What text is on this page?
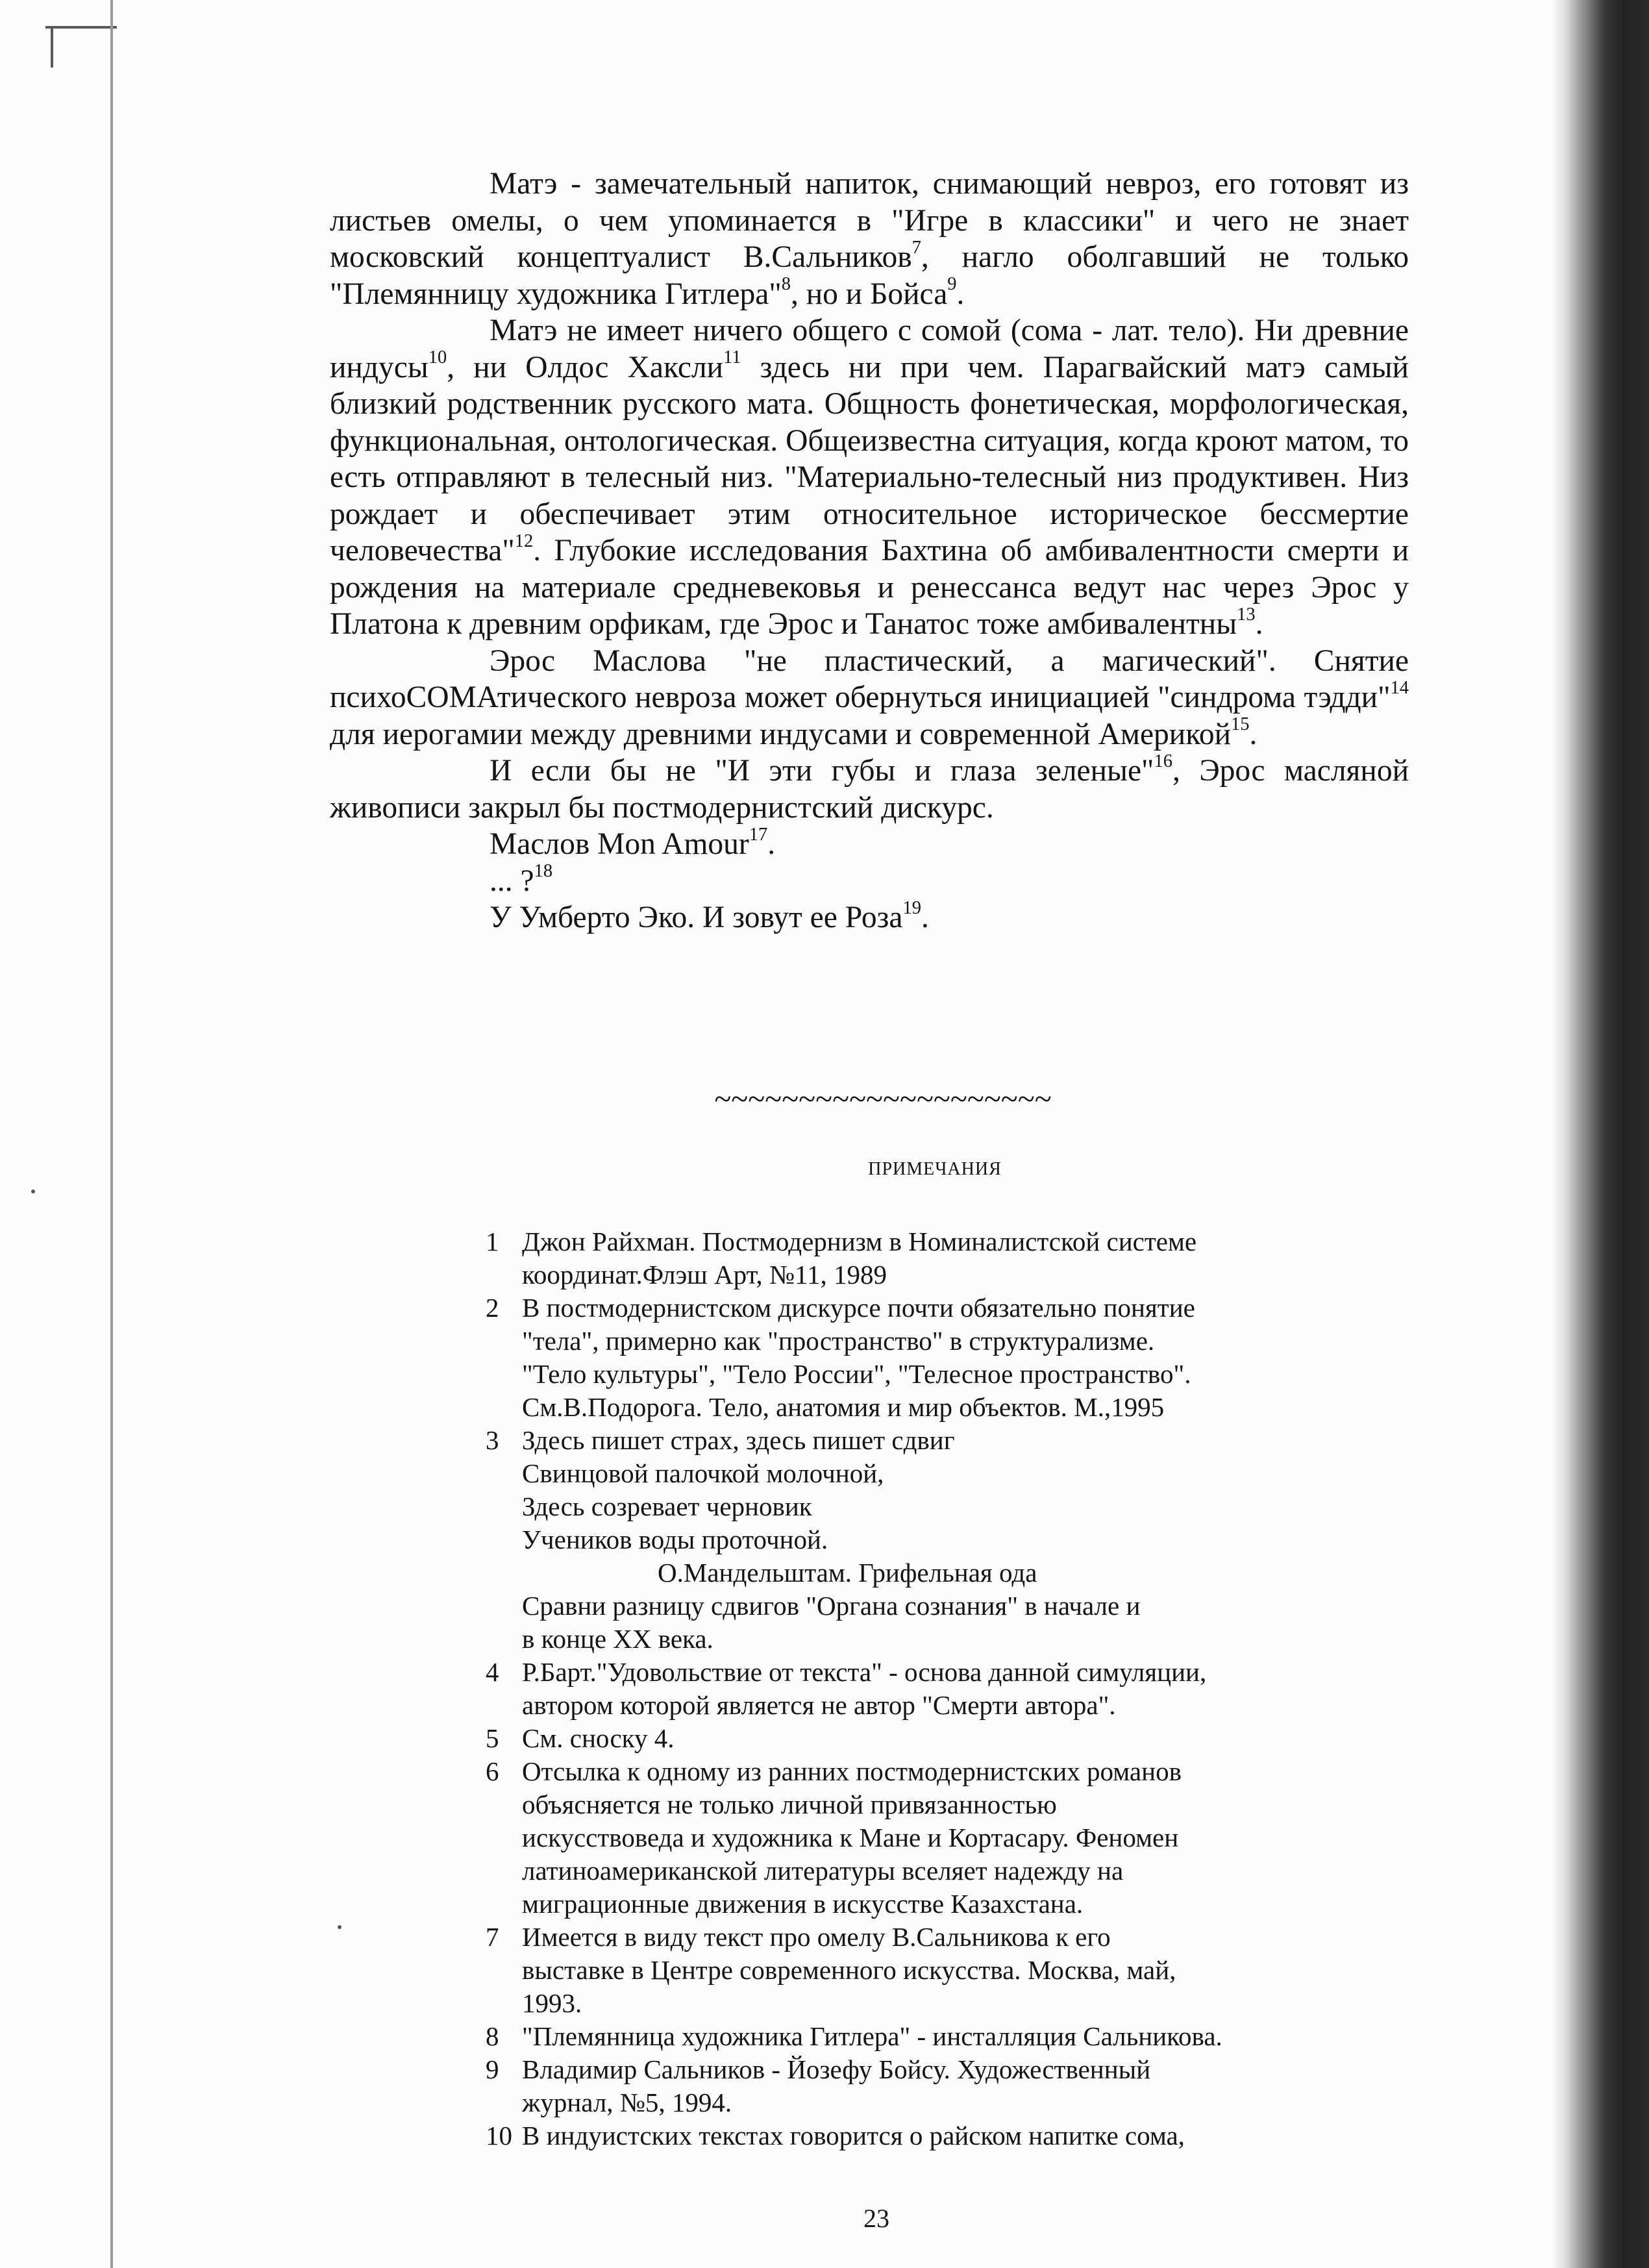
Матэ - замечательный напиток, снимающий невроз, его готовят из листьев омелы, о чем упоминается в "Игре в классики" и чего не знает московский концептуалист В.Сальников$^7$, нагло оболгавший не только "Племянницу художника Гитлера"$^8$, но и Бойса$^9$.

Матэ не имеет ничего общего с сомой (сома - лат. тело). Ни древние индусы$^{10}$, ни Олдос Хаксли$^{11}$ здесь ни при чем. Парагвайский матэ самый близкий родственник русского мата. Общность фонетическая, морфологическая, функциональная, онтологическая. Общеизвестна ситуация, когда кроют матом, то есть отправляют в телесный низ. "Материально-телесный низ продуктивен. Низ рождает и обеспечивает этим относительное историческое бессмертие человечества"$^{12}$. Глубокие исследования Бахтина об амбивалентности смерти и рождения на материале средневековья и ренессанса ведут нас через Эрос у Платона к древним орфикам, где Эрос и Танатос тоже амбивалентны$^{13}$.

Эрос Маслова "не пластический, а магический". Снятие психоСОМАтического невроза может обернуться инициацией "синдрома тэдди"$^{14}$ для иерогамии между древними индусами и современной Америкой$^{15}$.

И если бы не "И эти губы и глаза зеленые"$^{16}$, Эрос масляной живописи закрыл бы постмодернистский дискурс.

Маслов Mon Amour$^{17}$.

... ?$^{18}$

У Умберто Эко. И зовут ее Роза$^{19}$.

~~~~~~~~~~~~~~~~~~~~
ПРИМЕЧАНИЯ
1 Джон Райхман. Постмодернизм в Номиналистской системе
координат.Флэш Арт, №11, 1989
2 В постмодернистском дискурсе почти обязательно понятие
"тела", примерно как "пространство" в структурализме.
"Тело культуры", "Тело России", "Телесное пространство".
См.В.Подорога. Тело, анатомия и мир объектов. М.,1995
3 Здесь пишет страх, здесь пишет сдвиг
Свинцовой палочкой молочной,
Здесь созревает черновик
Учеников воды проточной.
О.Мандельштам. Грифельная ода
Сравни разницу сдвигов "Органа сознания" в начале и
в конце XX века.
4 Р.Барт."Удовольствие от текста" - основа данной симуляции,
автором которой является не автор "Смерти автора".
5 См. сноску 4.
6 Отсылка к одному из ранних постмодернистских романов
объясняется не только личной привязанностью
искусствоведа и художника к Мане и Кортасару. Феномен
латиноамериканской литературы вселяет надежду на
миграционные движения в искусстве Казахстана.
7 Имеется в виду текст про омелу В.Сальникова к его
выставке в Центре современного искусства. Москва, май,
1993.
8 "Племянница художника Гитлера" - инсталляция Сальникова.
9 Владимир Сальников - Йозефу Бойсу. Художественный
журнал, №5, 1994.
10 В индуистских текстах говорится о райском напитке сома,
23
